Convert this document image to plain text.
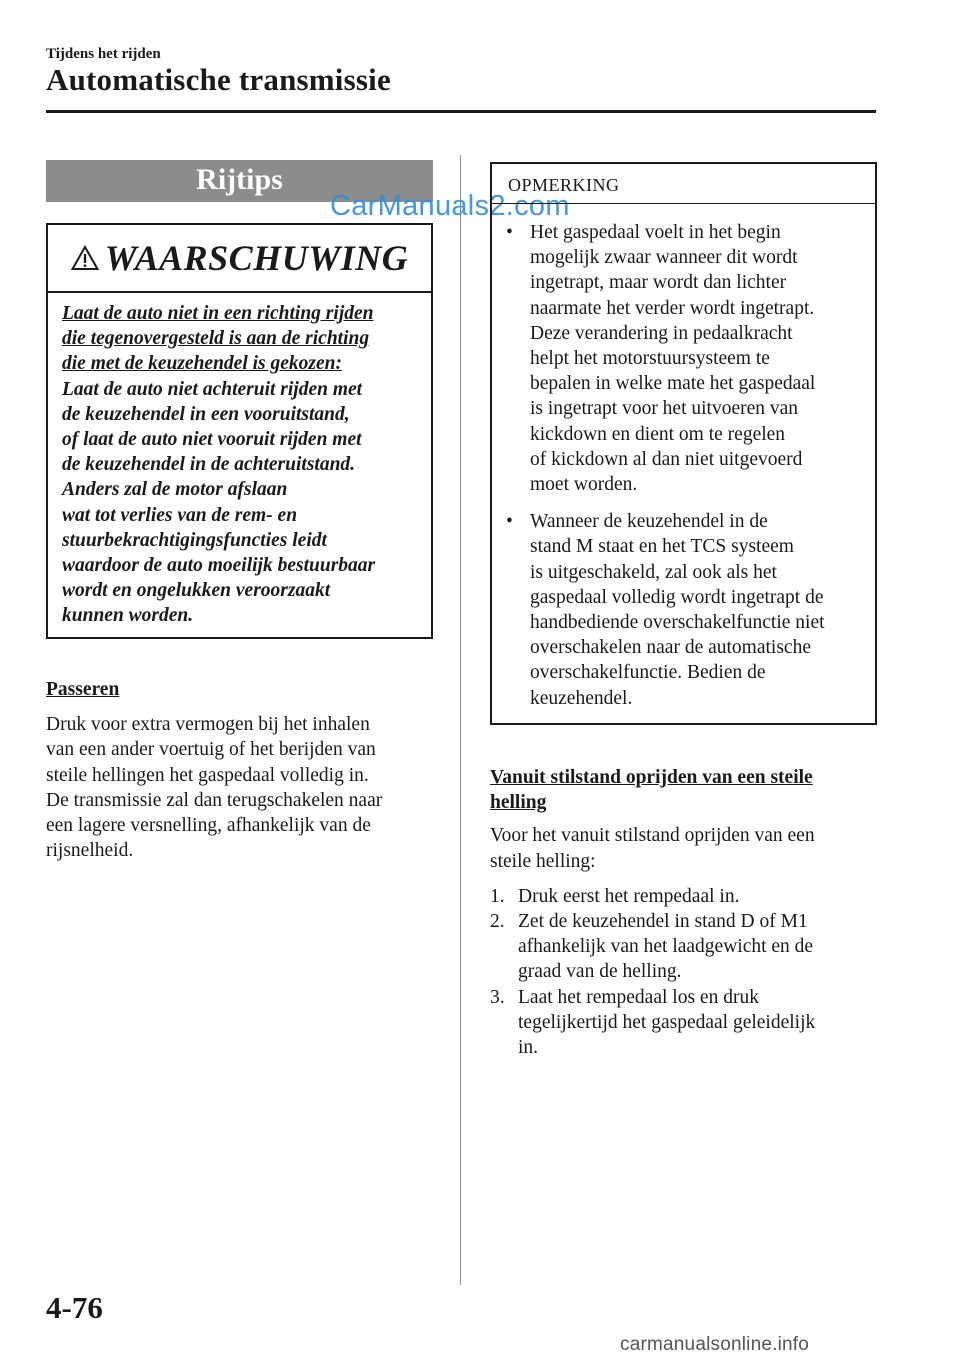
Tijdens het rijden
Automatische transmissie
Rijtips
WAARSCHUWING

Laat de auto niet in een richting rijden
die tegenovergesteld is aan de richting
die met de keuzehendel is gekozen:

Laat de auto niet achteruit rijden met
de keuzehendel in een vooruitstand,
of laat de auto niet vooruit rijden met
de keuzehendel in de achteruitstand.
Anders zal de motor afslaan
wat tot verlies van de rem- en
stuurbekrachtigingsfuncties leidt
waardoor de auto moeilijk bestuurbaar
wordt en ongelukken veroorzaakt
kunnen worden.

Passeren
Druk voor extra vermogen bij het inhalen
van een ander voertuig of het berijden van
steile hellingen het gaspedaal volledig in.
De transmissie zal dan terugschakelen naar
een lagere versnelling, afhankelijk van de
rijsnelheid.
CarManuals2.com
OPMERKING
• Het gaspedaal voelt in het begin
mogelijk zwaar wanneer dit wordt
ingetrapt, maar wordt dan lichter
naarmate het verder wordt ingetrapt.
Deze verandering in pedaalkracht
helpt het motorstuursysteem te
bepalen in welke mate het gaspedaal
is ingetrapt voor het uitvoeren van
kickdown en dient om te regelen
of kickdown al dan niet uitgevoerd
moet worden.
• Wanneer de keuzehendel in de
stand M staat en het TCS systeem
is uitgeschakeld, zal ook als het
gaspedaal volledig wordt ingetrapt de
handbediende overschakelfunctie niet
overschakelen naar de automatische
overschakelfunctie. Bedien de
keuzehendel.
Vanuit stilstand oprijden van een steile
helling
Voor het vanuit stilstand oprijden van een
steile helling:
1. Druk eerst het rempedaal in.
2. Zet de keuzehendel in stand D of M1
afhankelijk van het laadgewicht en de
graad van de helling.
3. Laat het rempedaal los en druk
tegelijkertijd het gaspedaal geleidelijk
in.
4-76
carmanualsonline.info
